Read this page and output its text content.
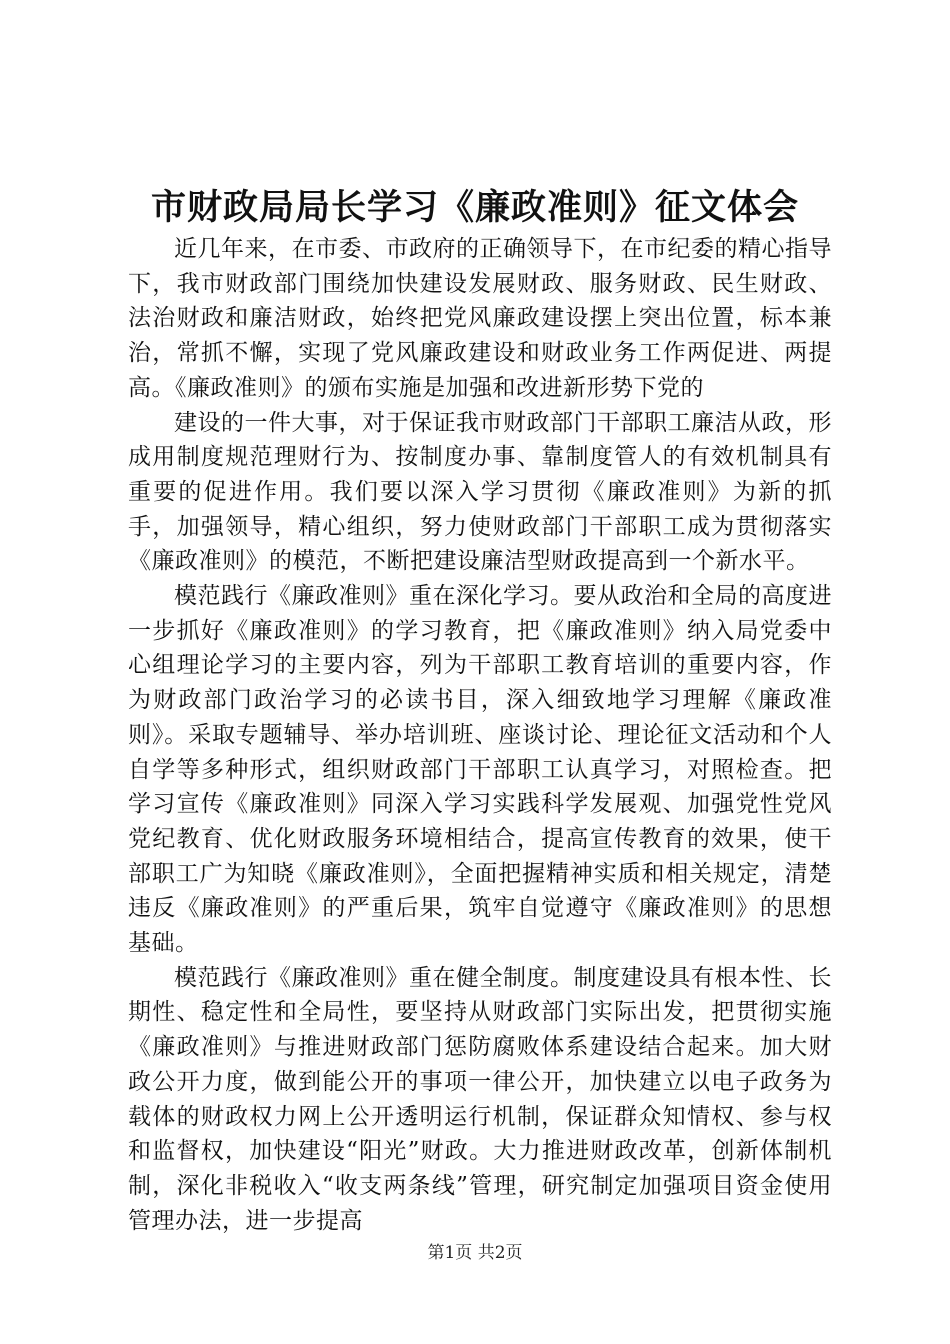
市财政局局长学习《廉政准则》征文体会

近几年来，在市委、市政府的正确领导下，在市纪委的精心指导下，我市财政部门围绕加快建设发展财政、服务财政、民生财政、法治财政和廉洁财政，始终把党风廉政建设摆上突出位置，标本兼治，常抓不懈，实现了党风廉政建设和财政业务工作两促进、两提高。《廉政准则》的颁布实施是加强和改进新形势下党的

建设的一件大事，对于保证我市财政部门干部职工廉洁从政，形成用制度规范理财行为、按制度办事、靠制度管人的有效机制具有重要的促进作用。我们要以深入学习贯彻《廉政准则》为新的抓手，加强领导，精心组织，努力使财政部门干部职工成为贯彻落实《廉政准则》的模范，不断把建设廉洁型财政提高到一个新水平。

模范践行《廉政准则》重在深化学习。要从政治和全局的高度进一步抓好《廉政准则》的学习教育，把《廉政准则》纳入局党委中心组理论学习的主要内容，列为干部职工教育培训的重要内容，作为财政部门政治学习的必读书目，深入细致地学习理解《廉政准则》。采取专题辅导、举办培训班、座谈讨论、理论征文活动和个人自学等多种形式，组织财政部门干部职工认真学习，对照检查。把学习宣传《廉政准则》同深入学习实践科学发展观、加强党性党风党纪教育、优化财政服务环境相结合，提高宣传教育的效果，使干部职工广为知晓《廉政准则》，全面把握精神实质和相关规定，清楚违反《廉政准则》的严重后果，筑牢自觉遵守《廉政准则》的思想基础。

模范践行《廉政准则》重在健全制度。制度建设具有根本性、长期性、稳定性和全局性，要坚持从财政部门实际出发，把贯彻实施《廉政准则》与推进财政部门惩防腐败体系建设结合起来。加大财政公开力度，做到能公开的事项一律公开，加快建立以电子政务为载体的财政权力网上公开透明运行机制，保证群众知情权、参与权和监督权，加快建设“阳光”财政。大力推进财政改革，创新体制机制，深化非税收入“收支两条线”管理，研究制定加强项目资金使用管理办法，进一步提高

第1页 共2页
